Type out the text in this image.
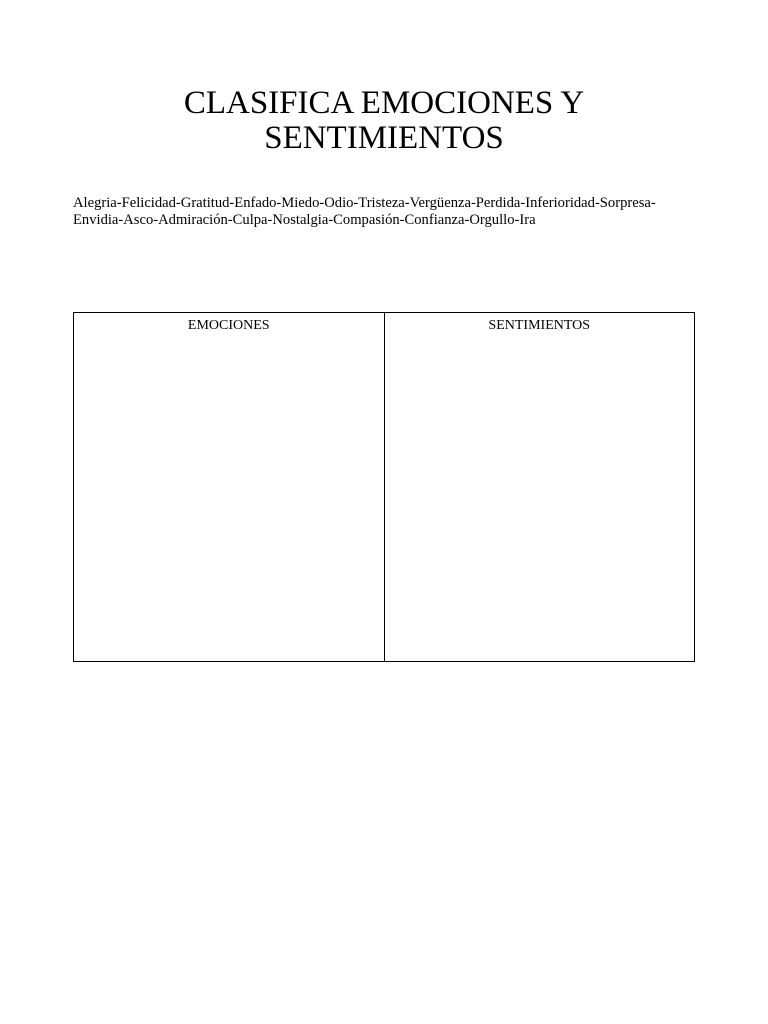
CLASIFICA EMOCIONES Y
SENTIMIENTOS

Alegria-Felicidad-Gratitud-Enfado-Miedo-Odio-Tristeza-Vergüenza-Perdida-Inferioridad-Sorpresa-
Envidia-Asco-Admiración-Culpa-Nostalgia-Compasión-Confianza-Orgullo-Ira

EMOCIONES	SENTIMIENTOS
